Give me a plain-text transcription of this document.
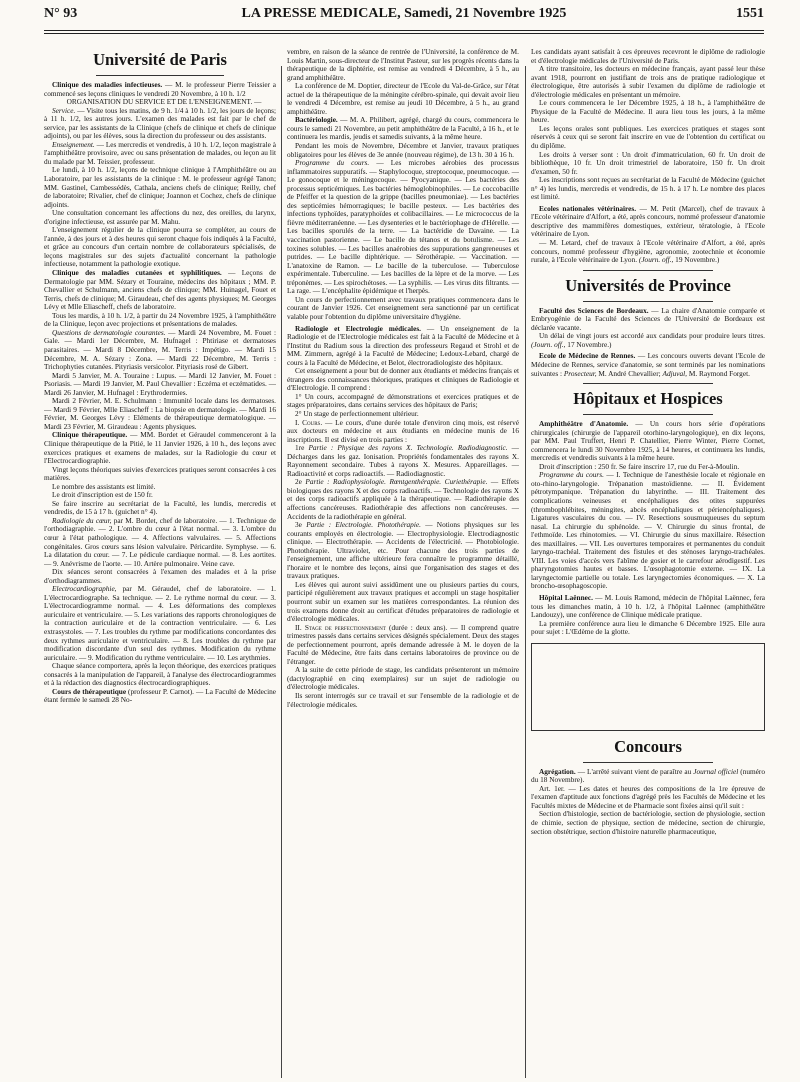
N° 93	LA PRESSE MEDICALE, Samedi, 21 Novembre 1925	1551
Université de Paris

Clinique des maladies infectieuses. — M. le professeur Pierre Teissier a commencé ses leçons cliniques le vendredi 20 Novembre, à 10 h. 1/2

ORGANISATION DU SERVICE ET DE L'ENSEIGNEMENT. —

Service. — Visite tous les matins, de 9 h. 1/4 à 10 h. 1/2, les jours de leçons; à 11 h. 1/2, les autres jours. L'examen des malades est fait par le chef de service, par les assistants de la Clinique (chefs de clinique et chefs de clinique adjoints), ou par les élèves, sous la direction du professeur ou des assistants.

Enseignement. — Les mercredis et vendredis, à 10 h. 1/2, leçon magistrale à l'amphithéâtre provisoire, avec ou sans présentation de malades, ou leçon au lit du malade par M. Teissier, professeur.

Le lundi, à 10 h. 1/2, leçons de technique clinique à l'Amphithéâtre ou au Laboratoire, par les assistants de la clinique : M. le professeur agrégé Tanon; MM. Gastinel, Cambessédès, Cathala, anciens chefs de clinique; Reilly, chef de laboratoire; Rivalier, chef de clinique; Joannon et Cochez, chefs de clinique adjoints.

Une consultation concernant les affections du nez, des oreilles, du larynx, d'origine infectieuse, est assurée par M. Mahu.

L'enseignement régulier de la clinique pourra se compléter, au cours de l'année, à des jours et à des heures qui seront chaque fois indiqués à la Faculté, et grâce au concours d'un certain nombre de collaborateurs spécialisés, de leçons magistrales sur des sujets d'actualité concernant la pathologie infectieuse, notamment la pathologie exotique.

Clinique des maladies cutanées et syphilitiques. — Leçons de Dermatologie par MM. Sézary et Touraine, médecins des hôpitaux ; MM. P. Chevallier et Schulmann, anciens chefs de clinique; MM. Huinagel, Fouet et Terris, chefs de clinique; M. Giraudeau, chef des agents physiques; M. Georges Lévy et Mlle Eliascheff, chefs de laboratoire.

Tous les mardis, à 10 h. 1/2, à partir du 24 Novembre 1925, à l'amphithéâtre de la Clinique, leçon avec projections et présentations de malades.

Questions de dermatologie courantes. — Mardi 24 Novembre, M. Fouet : Gale. — Mardi 1er Décembre, M. Hufnagel : Phtiriase et dermatoses parasitaires. — Mardi 8 Décembre, M. Terris : Impétigo. — Mardi 15 Décembre, M. A. Sézary : Zona. — Mardi 22 Décembre, M. Terris : Trichophyties cutanées. Pityriasis versicolor. Pityriasis rosé de Gibert.

Mardi 5 Janvier, M. A. Touraine : Lupus. — Mardi 12 Janvier, M. Fouet : Psoriasis. — Mardi 19 Janvier, M. Paul Chevallier : Eczéma et eczématides. — Mardi 26 Janvier, M. Hufnagel : Erythrodermies.

Mardi 2 Février, M. E. Schulmann : Immunité locale dans les dermatoses. — Mardi 9 Février, Mlle Eliascheff : La biopsie en dermatologie. — Mardi 16 Février, M. Georges Lévy : Eléments de thérapeutique dermatologique. — Mardi 23 Février, M. Giraudeau : Agents physiques.

Clinique thérapeutique. — MM. Bordet et Géraudel commenceront à la Clinique thérapeutique de la Pitié, le 11 Janvier 1926, à 10 h., des leçons avec exercices pratiques et examens de malades, sur la Radiologie du cœur et l'Electrocardiographie.

Vingt leçons théoriques suivies d'exercices pratiques seront consacrées à ces matières.

Le nombre des assistants est limité.

Le droit d'inscription est de 150 fr.

Se faire inscrire au secrétariat de la Faculté, les lundis, mercredis et vendredis, de 15 à 17 h. (guichet n° 4).

Radiologie du cœur, par M. Bordet, chef de laboratoire. — 1. Technique de l'orthodiagraphie. — 2. L'ombre du cœur à l'état normal. — 3. L'ombre du cœur à l'état pathologique. — 4. Affections valvulaires. — 5. Affections congénitales. Gros cœurs sans lésion valvulaire. Péricardite. Symphyse. — 6. La dilatation du cœur. — 7. Le pédicule cardiaque normal. — 8. Les aortites. — 9. Anévrisme de l'aorte. — 10. Artère pulmonaire. Veine cave.

Dix séances seront consacrées à l'examen des malades et à la prise d'orthodiagrammes.

Electrocardiographie, par M. Géraudel, chef de laboratoire. — 1. L'électrocardiographe. Sa technique. — 2. Le rythme normal du cœur. — 3. L'électrocardiogramme normal. — 4. Les déformations des complexes auriculaire et ventriculaire. — 5. Les variations des rapports chronologiques de la contraction auriculaire et de la contraction ventriculaire. — 6. Les extrasystoles. — 7. Les troubles du rythme par modifications concordantes des deux rythmes auriculaire et ventriculaire. — 8. Les troubles du rythme par modification discordante d'un seul des rythmes. Modification du rythme auriculaire. — 9. Modification du rythme ventriculaire. — 10. Les arythmies.

Chaque séance comportera, après la leçon théorique, des exercices pratiques consacrés à la manipulation de l'appareil, à l'analyse des électrocardiogrammes et à la rédaction des diagnostics électrocardiographiques.

Cours de thérapeutique (professeur P. Carnot). — La Faculté de Médecine étant fermée le samedi 28 No-

vembre, en raison de la séance de rentrée de l'Université, la conférence de M. Louis Martin, sous-directeur de l'Institut Pasteur, sur les progrès récents dans la thérapeutique de la diphtérie, est remise au vendredi 4 Décembre, à 5 h., au grand amphithéâtre.

La conférence de M. Doptier, directeur de l'Ecole du Val-de-Grâce, sur l'état actuel de la thérapeutique de la méningite cérébro-spinale, qui devait avoir lieu le vendredi 4 Décembre, est remise au jeudi 10 Décembre, à 5 h., au grand amphithéâtre.

Bactériologie. — M. A. Philibert, agrégé, chargé du cours, commencera le cours le samedi 21 Novembre, au petit amphithéâtre de la Faculté, à 16 h., et le continuera les mardis, jeudis et samedis suivants, à la même heure.

Pendant les mois de Novembre, Décembre et Janvier, travaux pratiques obligatoires pour les élèves de 3e année (nouveau régime), de 13 h. 30 à 16 h.

Programme du cours. — Les microbes aérobies des processus inflammatoires suppuratifs. — Staphylocoque, streptocoque, pneumocoque. — Le gonocoque et le méningocoque. — Pyocyanique. — Les bactéries des processus septicémiques. Les bactéries hémoglobinophiles. — Le coccobacille de Pfeiffer et la question de la grippe (bacilles pneumoniae). — Les bactéries des septicémies hémorragiques; le bacille pesteux. — Les bactéries des infections typhoïdes, paratyphoïdes et colibacillaires. — Le micrococcus de la fièvre méditerranéenne. — Les dysenteries et le bactériophage de d'Hérelle. — Les bacilles sporulés de la terre. — La bactéridie de Davaine. — La vaccination pastorienne. — Le bacille du tétanos et du botulisme. — Les toxines solubles. — Les bacilles anaérobies des suppurations gangreneuses et putrides. — Le bacille diphtérique. — Sérothérapie. — Vaccination. — L'anatoxine de Ramon. — Le bacille de la tuberculose. — Tuberculose expérimentale. Tuberculine. — Les bacilles de la lèpre et de la morve. — Les tréponèmes. — Les spirochétoses. — La syphilis. — Les virus dits filtrants. — La rage. — L'encéphalite épidémique et l'herpès.

Un cours de perfectionnement avec travaux pratiques commencera dans le courant de Janvier 1926. Cet enseignement sera sanctionné par un certificat valable pour l'obtention du diplôme universitaire d'hygiène.

Radiologie et Electrologie médicales. — Un enseignement de la Radiologie et de l'Electrologie médicales est fait à la Faculté de Médecine et à l'Institut du Radium sous la direction des professeurs Regaud et Strohl et de MM. Zimmern, agrégé à la Faculté de Médecine; Ledoux-Lebard, chargé de cours à la Faculté de Médecine, et Belot, électroradiologiste des hôpitaux.

Cet enseignement a pour but de donner aux étudiants et médecins français et étrangers des connaissances théoriques, pratiques et cliniques de Radiologie et d'Electrologie. Il comprend :

1° Un cours, accompagné de démonstrations et exercices pratiques et de stages préparatoires, dans certains services des hôpitaux de Paris;

2° Un stage de perfectionnement ultérieur.

I. Cours. — Le cours, d'une durée totale d'environ cinq mois, est réservé aux docteurs en médecine et aux étudiants en médecine munis de 16 inscriptions. Il est divisé en trois parties :

1re Partie : Physique des rayons X. Technologie. Radiodiagnostic. — Décharges dans les gaz. Ionisation. Propriétés fondamentales des rayons X. Rayonnement secondaire. Tubes à rayons X. Mesures. Appareillages. — Radioactivité et corps radioactifs. — Radiodiagnostic.

2e Partie : Radiophysiologie. Rœntgenthérapie. Curiethérapie. — Effets biologiques des rayons X et des corps radioactifs. — Technologie des rayons X et des corps radioactifs appliquée à la thérapeutique. — Radiothérapie des affections cancéreuses. Radiothérapie des affections non cancéreuses. — Accidents de la radiothérapie en général.

3e Partie : Electrologie. Photothérapie. — Notions physiques sur les courants employés en électrologie. — Electrophysiologie. Electrodiagnostic clinique. — Electrothérapie. — Accidents de l'électricité. — Photobiologie. Photothérapie. Ultraviolet, etc. Pour chacune des trois parties de l'enseignement, une affiche ultérieure fera connaître le programme détaillé, l'horaire et le nombre des leçons, ainsi que l'organisation des stages et des travaux pratiques.

Les élèves qui auront suivi assidûment une ou plusieurs parties du cours, participé régulièrement aux travaux pratiques et accompli un stage hospitalier pourront subir un examen sur les matières correspondantes. La réunion des trois examens donne droit au certificat d'études préparatoires de radiologie et d'électrologie médicales.

II. Stage de perfectionnement (durée : deux ans). — Il comprend quatre trimestres passés dans certains services désignés spécialement. Deux des stages de perfectionnement pourront, après demande adressée à M. le doyen de la Faculté de Médecine, être faits dans certains laboratoires de province ou de l'étranger.

A la suite de cette période de stage, les candidats présenteront un mémoire (dactylographié en cinq exemplaires) sur un sujet de radiologie ou d'électrologie médicales.

Ils seront interrogés sur ce travail et sur l'ensemble de la radiologie et de l'électrologie médicales.

Les candidats ayant satisfait à ces épreuves recevront le diplôme de radiologie et d'électrologie médicales de l'Université de Paris.

A titre transitoire, les docteurs en médecine français, ayant passé leur thèse avant 1918, pourront en justifiant de trois ans de pratique radiologique et électrologique, être autorisés à subir l'examen du diplôme de radiologie et d'électrologie médicales en présentant un mémoire.

Le cours commencera le 1er Décembre 1925, à 18 h., à l'amphithéâtre de Physique de la Faculté de Médecine. Il aura lieu tous les jours, à la même heure.

Les leçons orales sont publiques. Les exercices pratiques et stages sont réservés à ceux qui se seront fait inscrire en vue de l'obtention du certificat ou du diplôme.

Les droits à verser sont : Un droit d'immatriculation, 60 fr. Un droit de bibliothèque, 10 fr. Un droit trimestriel de laboratoire, 150 fr. Un droit d'examen, 50 fr.

Les inscriptions sont reçues au secrétariat de la Faculté de Médecine (guichet n° 4) les lundis, mercredis et vendredis, de 15 h. à 17 h. Le nombre des places est limité.

Ecoles nationales vétérinaires. — M. Petit (Marcel), chef de travaux à l'Ecole vétérinaire d'Alfort, a été, après concours, nommé professeur d'anatomie descriptive des mammifères domestiques, extérieur, tératologie, à l'Ecole vétérinaire de Lyon.

— M. Letard, chef de travaux à l'Ecole vétérinaire d'Alfort, a été, après concours, nommé professeur d'hygiène, agronomie, zootechnie et économie rurale, à l'Ecole vétérinaire de Lyon. (Journ. off., 19 Novembre.)

Universités de Province

Faculté des Sciences de Bordeaux. — La chaire d'Anatomie comparée et Embryogénie de la Faculté des Sciences de l'Université de Bordeaux est déclarée vacante.

Un délai de vingt jours est accordé aux candidats pour produire leurs titres. (Journ. off., 17 Novembre.)

Ecole de Médecine de Rennes. — Les concours ouverts devant l'Ecole de Médecine de Rennes, service d'anatomie, se sont terminés par les nominations suivantes : Prosecteur, M. André Chevallier; Adjuval, M. Raymond Forget.

Hôpitaux et Hospices

Amphithéâtre d'Anatomie. — Un cours hors série d'opérations chirurgicales (chirurgie de l'appareil otorhino-laryngologique), en dix leçons, par MM. Paul Truffert, Henri P. Chatellier, Pierre Winter, Pierre Cornet, commencera le lundi 30 Novembre 1925, à 14 heures, et continuera les lundis, mercredis et vendredis suivants à la même heure.

Droit d'inscription : 250 fr. Se faire inscrire 17, rue du Fer-à-Moulin.

Programme du cours. — I. Technique de l'anesthésie locale et régionale en oto-rhino-laryngologie. Trépanation mastoïdienne. — II. Évidement pétrotympanique. Trépanation du labyrinthe. — III. Traitement des complications veineuses et encéphaliques des otites suppurées (thrombophlébites, méningites, abcès encéphaliques et périencéphaliques). Ligatures vasculaires du cou. — IV. Resections sousmuqueuses du septum nasal. La chirurgie du sphénoïde. — V. Chirurgie du sinus frontal, de l'ethmoïde. Les rhinotomies. — VI. Chirurgie du sinus maxillaire. Résection des maxillaires. — VII. Les ouvertures temporaires et permanentes du conduit laryngo-trachéal. Traitement des fistules et des sténoses laryngo-trachéales. VIII. Les voies d'accès vers l'abîme de gosier et le carrefour aérodigestif. Les pharyngotomies hautes et basses. L'œsophagotomie externe. — IX. La laryngectomie partielle ou totale. Les laryngectomies économiques. — X. La broncho-œsophagoscopie.

Hôpital Laënnec. — M. Louis Ramond, médecin de l'hôpital Laënnec, fera tous les dimanches matin, à 10 h. 1/2, à l'hôpital Laënnec (amphithéâtre Landouzy), une conférence de Clinique médicale pratique.

La première conférence aura lieu le dimanche 6 Décembre 1925. Elle aura pour sujet : L'Œdème de la glotte.

Concours

Agrégation. — L'arrêté suivant vient de paraître au Journal officiel (numéro du 18 Novembre).

Art. 1er. — Les dates et heures des compositions de la 1re épreuve de l'examen d'aptitude aux fonctions d'agrégé près les Facultés de Médecine et les Facultés mixtes de Médecine et de Pharmacie sont fixées ainsi qu'il suit :

Section d'histologie, section de bactériologie, section de physiologie, section de chimie, section de physique, section de médecine, section de chirurgie, section obstétrique, section d'histoire naturelle pharmaceutique,
